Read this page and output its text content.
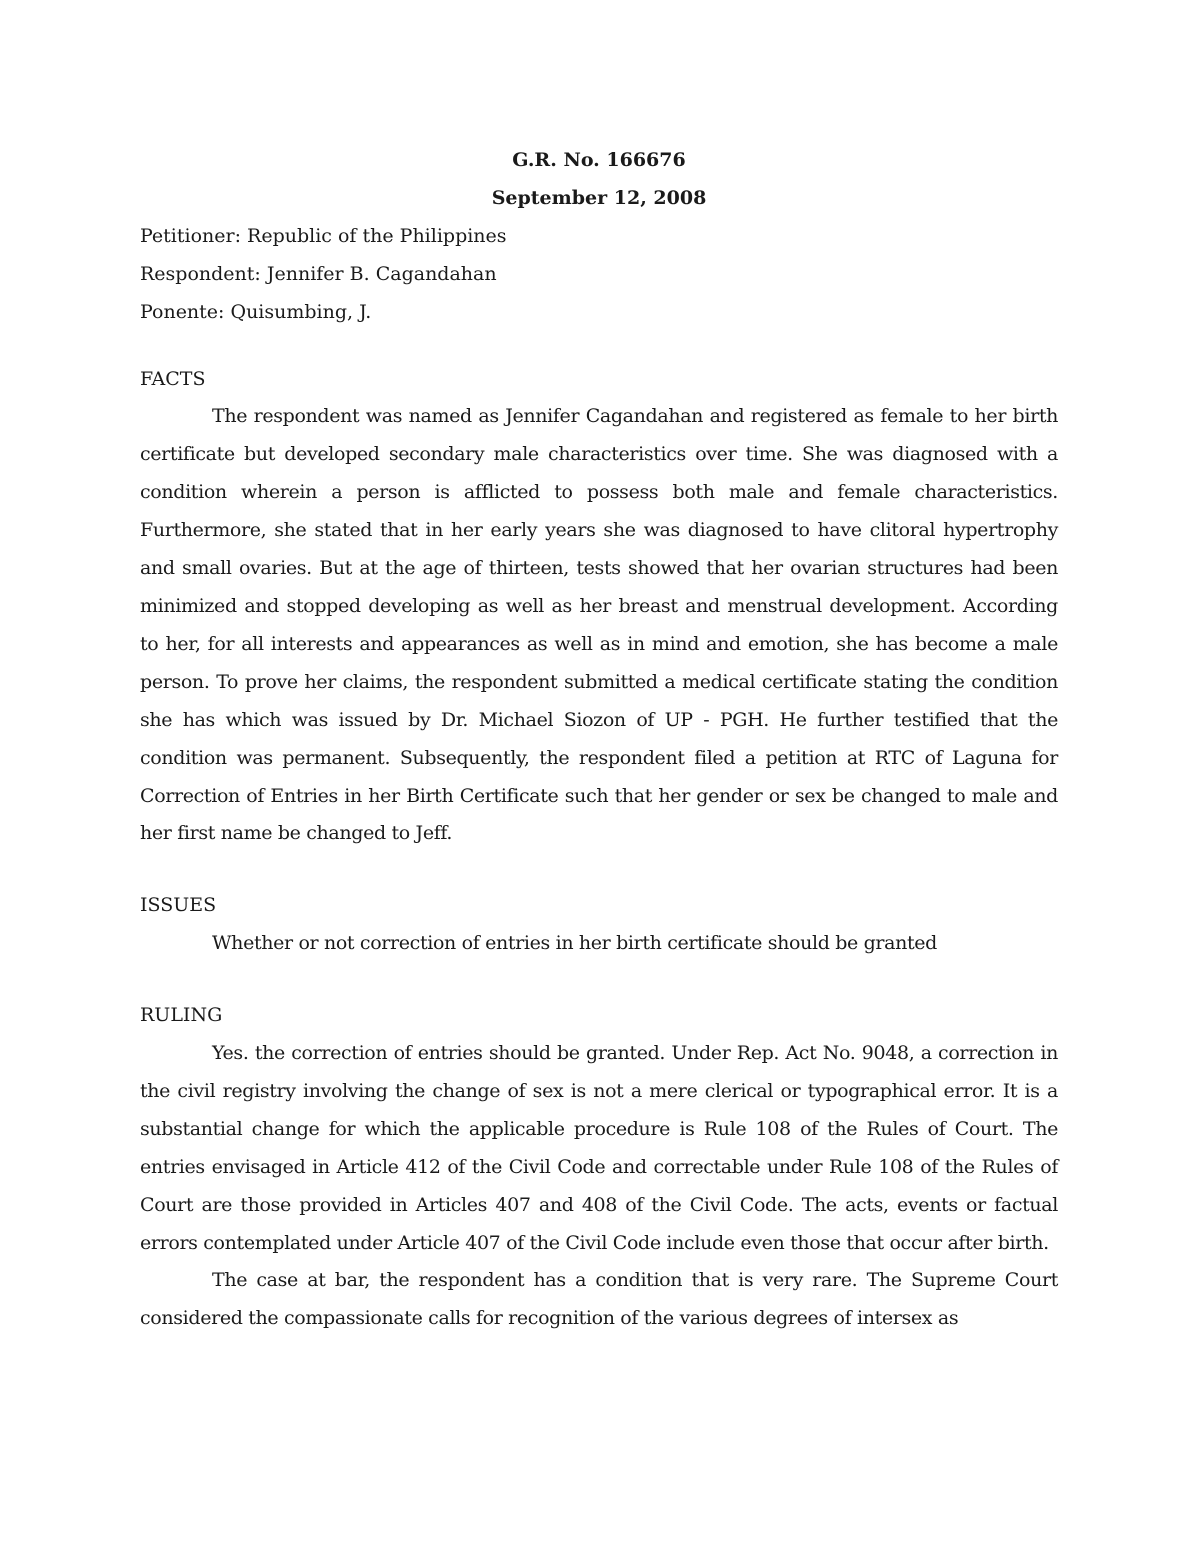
G.R. No. 166676

September 12, 2008

Petitioner: Republic of the Philippines

Respondent: Jennifer B. Cagandahan

Ponente: Quisumbing, J.

FACTS

The respondent was named as Jennifer Cagandahan and registered as female to her birth certificate but developed secondary male characteristics over time. She was diagnosed with a condition wherein a person is afflicted to possess both male and female characteristics. Furthermore, she stated that in her early years she was diagnosed to have clitoral hypertrophy and small ovaries. But at the age of thirteen, tests showed that her ovarian structures had been minimized and stopped developing as well as her breast and menstrual development. According to her, for all interests and appearances as well as in mind and emotion, she has become a male person. To prove her claims, the respondent submitted a medical certificate stating the condition she has which was issued by Dr. Michael Siozon of UP - PGH. He further testified that the condition was permanent. Subsequently, the respondent filed a petition at RTC of Laguna for Correction of Entries in her Birth Certificate such that her gender or sex be changed to male and her first name be changed to Jeff.

ISSUES

Whether or not correction of entries in her birth certificate should be granted

RULING

Yes. the correction of entries should be granted. Under Rep. Act No. 9048, a correction in the civil registry involving the change of sex is not a mere clerical or typographical error. It is a substantial change for which the applicable procedure is Rule 108 of the Rules of Court. The entries envisaged in Article 412 of the Civil Code and correctable under Rule 108 of the Rules of Court are those provided in Articles 407 and 408 of the Civil Code. The acts, events or factual errors contemplated under Article 407 of the Civil Code include even those that occur after birth.

The case at bar, the respondent has a condition that is very rare. The Supreme Court considered the compassionate calls for recognition of the various degrees of intersex as
